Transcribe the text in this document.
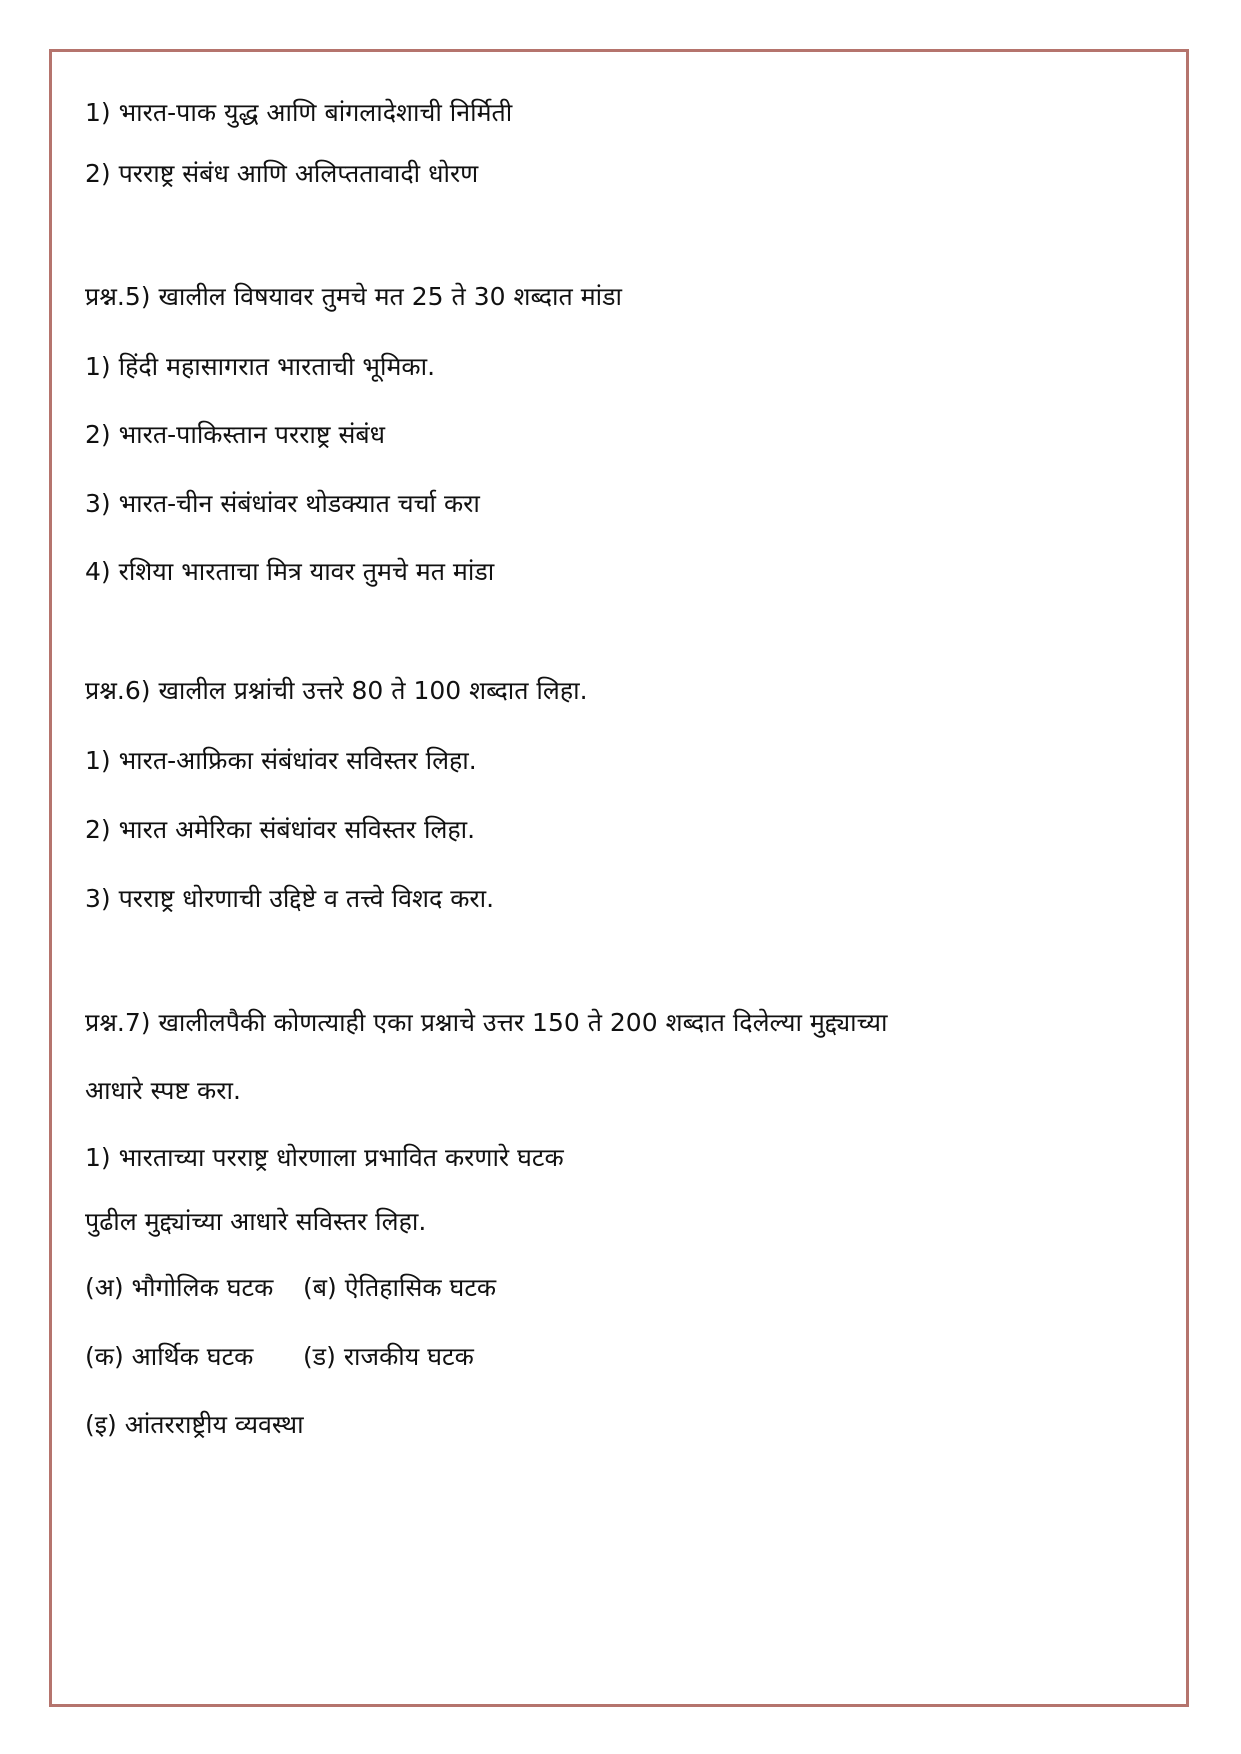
1) भारत-पाक युद्ध आणि बांगलादेशाची निर्मिती
2) परराष्ट्र संबंध आणि अलिप्ततावादी धोरण
प्रश्न.5) खालील विषयावर तुमचे मत 25 ते 30 शब्दात मांडा
1) हिंदी महासागरात भारताची भूमिका.
2) भारत-पाकिस्तान परराष्ट्र संबंध
3) भारत-चीन संबंधांवर थोडक्यात चर्चा करा
4) रशिया भारताचा मित्र यावर तुमचे मत मांडा
प्रश्न.6) खालील प्रश्नांची उत्तरे 80 ते 100 शब्दात लिहा.
1) भारत-आफ्रिका संबंधांवर सविस्तर लिहा.
2) भारत अमेरिका संबंधांवर सविस्तर लिहा.
3) परराष्ट्र धोरणाची उद्दिष्टे व तत्त्वे विशद करा.
प्रश्न.7) खालीलपैकी कोणत्याही एका प्रश्नाचे उत्तर 150 ते 200 शब्दात दिलेल्या मुद्द्याच्या
आधारे स्पष्ट करा.
1) भारताच्या परराष्ट्र धोरणाला प्रभावित करणारे घटक
पुढील मुद्द्यांच्या आधारे सविस्तर लिहा.
(अ) भौगोलिक घटक (ब) ऐतिहासिक घटक
(क) आर्थिक घटक (ड) राजकीय घटक
(इ) आंतरराष्ट्रीय व्यवस्था
